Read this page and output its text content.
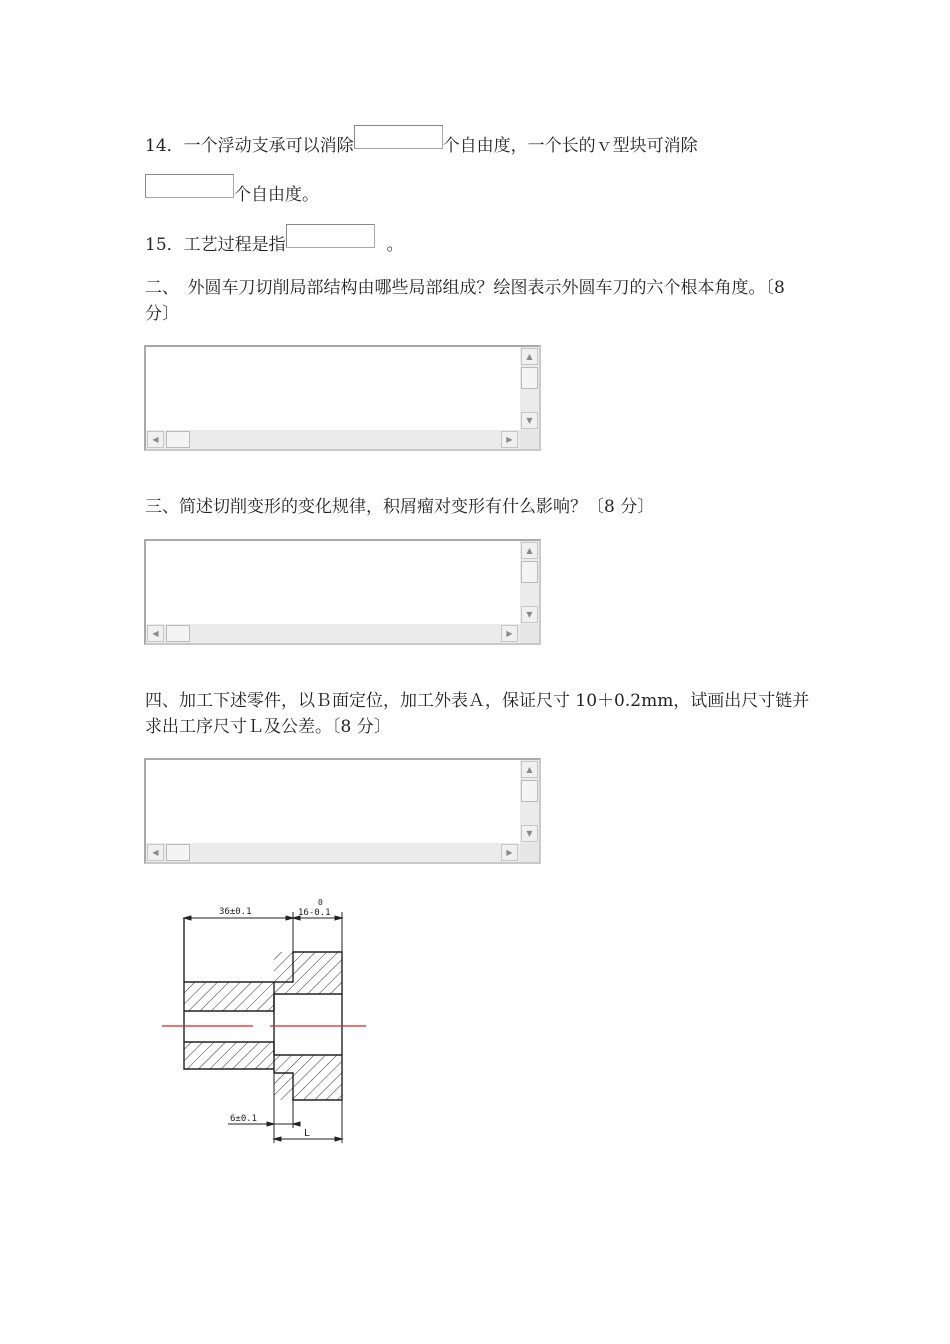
14．一个浮动支承可以消除	个自由度，一个长的ｖ型块可消除
个自由度。
15．工艺过程是指	。
二、　外圆车刀切削局部结构由哪些局部组成？绘图表示外圆车刀的六个根本角度。〔8 分〕
▲
▼
◀	▶
三、简述切削变形的变化规律，积屑瘤对变形有什么影响？〔8 分〕
▲
▼
◀	▶
四、加工下述零件，以Ｂ面定位，加工外表Ａ，保证尺寸 10＋0.2mm，试画出尺寸链并求出工序尺寸Ｌ及公差。〔8 分〕
▲
▼
◀	▶
36±0.1	16-0.1
0
6±0.1
L
